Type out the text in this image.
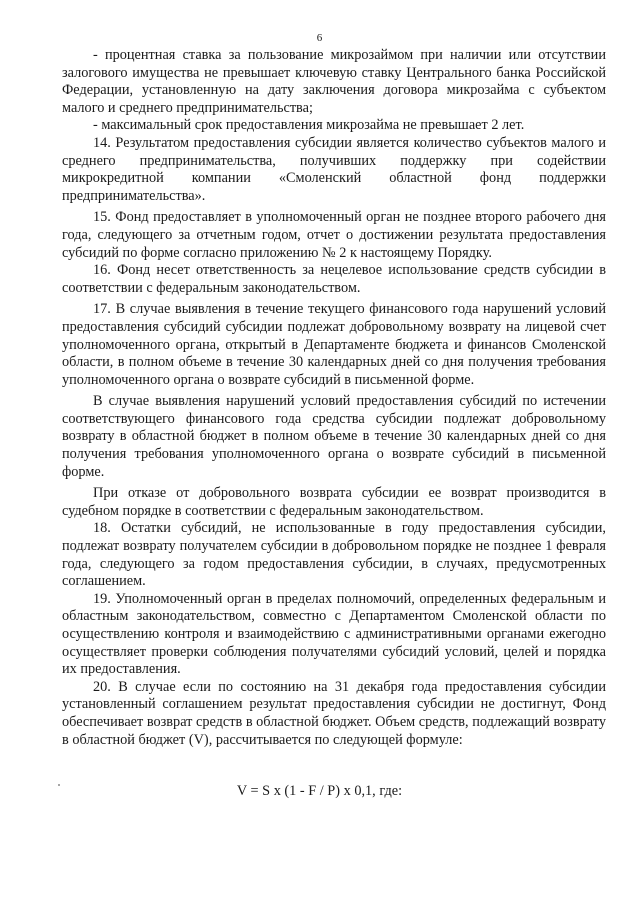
6

- процентная ставка за пользование микрозаймом при наличии или отсутствии залогового имущества не превышает ключевую ставку Центрального банка Российской Федерации, установленную на дату заключения договора микрозайма с субъектом малого и среднего предпринимательства;

- максимальный срок предоставления микрозайма не превышает 2 лет.

14. Результатом предоставления субсидии является количество субъектов малого и среднего предпринимательства, получивших поддержку при содействии микрокредитной компании «Смоленский областной фонд поддержки предпринимательства».

15. Фонд предоставляет в уполномоченный орган не позднее второго рабочего дня года, следующего за отчетным годом, отчет о достижении результата предоставления субсидий по форме согласно приложению № 2 к настоящему Порядку.

16. Фонд несет ответственность за нецелевое использование средств субсидии в соответствии с федеральным законодательством.

17. В случае выявления в течение текущего финансового года нарушений условий предоставления субсидий субсидии подлежат добровольному возврату на лицевой счет уполномоченного органа, открытый в Департаменте бюджета и финансов Смоленской области, в полном объеме в течение 30 календарных дней со дня получения требования уполномоченного органа о возврате субсидий в письменной форме.

В случае выявления нарушений условий предоставления субсидий по истечении соответствующего финансового года средства субсидии подлежат добровольному возврату в областной бюджет в полном объеме в течение 30 календарных дней со дня получения требования уполномоченного органа о возврате субсидий в письменной форме.

При отказе от добровольного возврата субсидии ее возврат производится в судебном порядке в соответствии с федеральным законодательством.

18. Остатки субсидий, не использованные в году предоставления субсидии, подлежат возврату получателем субсидии в добровольном порядке не позднее 1 февраля года, следующего за годом предоставления субсидии, в случаях, предусмотренных соглашением.

19. Уполномоченный орган в пределах полномочий, определенных федеральным и областным законодательством, совместно с Департаментом Смоленской области по осуществлению контроля и взаимодействию с административными органами ежегодно осуществляет проверки соблюдения получателями субсидий условий, целей и порядка их предоставления.

20. В случае если по состоянию на 31 декабря года предоставления субсидии установленный соглашением результат предоставления субсидии не достигнут, Фонд обеспечивает возврат средств в областной бюджет. Объем средств, подлежащий возврату в областной бюджет (V), рассчитывается по следующей формуле:

V = S x (1 - F / P) x 0,1, где:
